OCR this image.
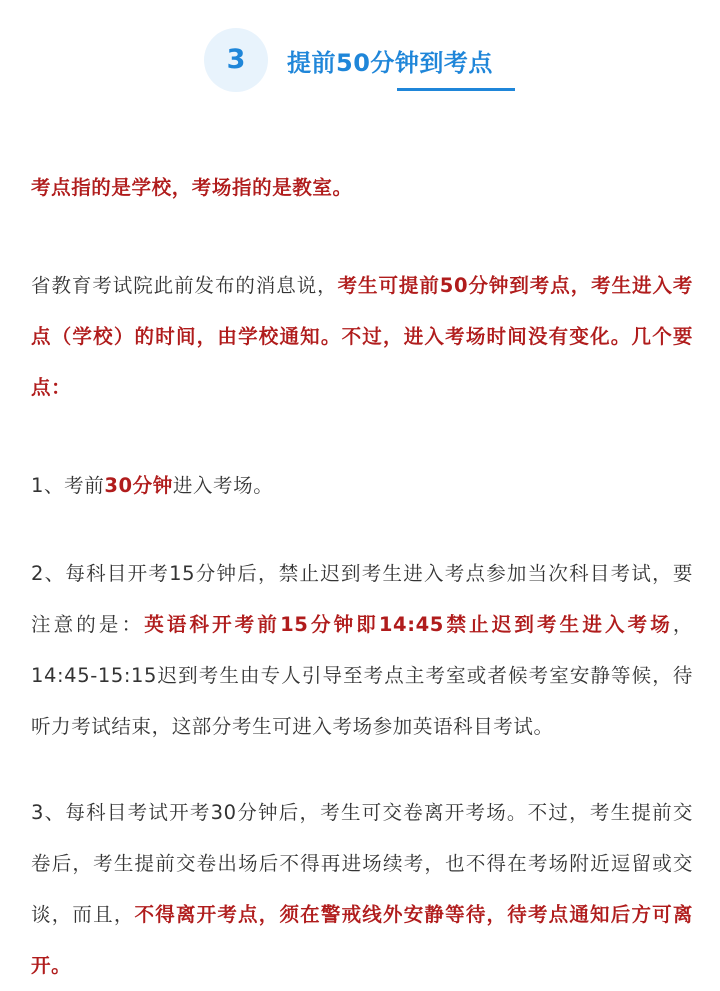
3	提前50分钟到考点

考点指的是学校，考场指的是教室。

省教育考试院此前发布的消息说，考生可提前50分钟到考点，考生进入考点（学校）的时间，由学校通知。不过，进入考场时间没有变化。几个要点：

1、考前30分钟进入考场。

2、每科目开考15分钟后，禁止迟到考生进入考点参加当次科目考试，要注意的是：英语科开考前15分钟即14:45禁止迟到考生进入考场，14:45-15:15迟到考生由专人引导至考点主考室或者候考室安静等候，待听力考试结束，这部分考生可进入考场参加英语科目考试。

3、每科目考试开考30分钟后，考生可交卷离开考场。不过，考生提前交卷后，考生提前交卷出场后不得再进场续考，也不得在考场附近逗留或交谈，而且，不得离开考点，须在警戒线外安静等待，待考点通知后方可离开。
